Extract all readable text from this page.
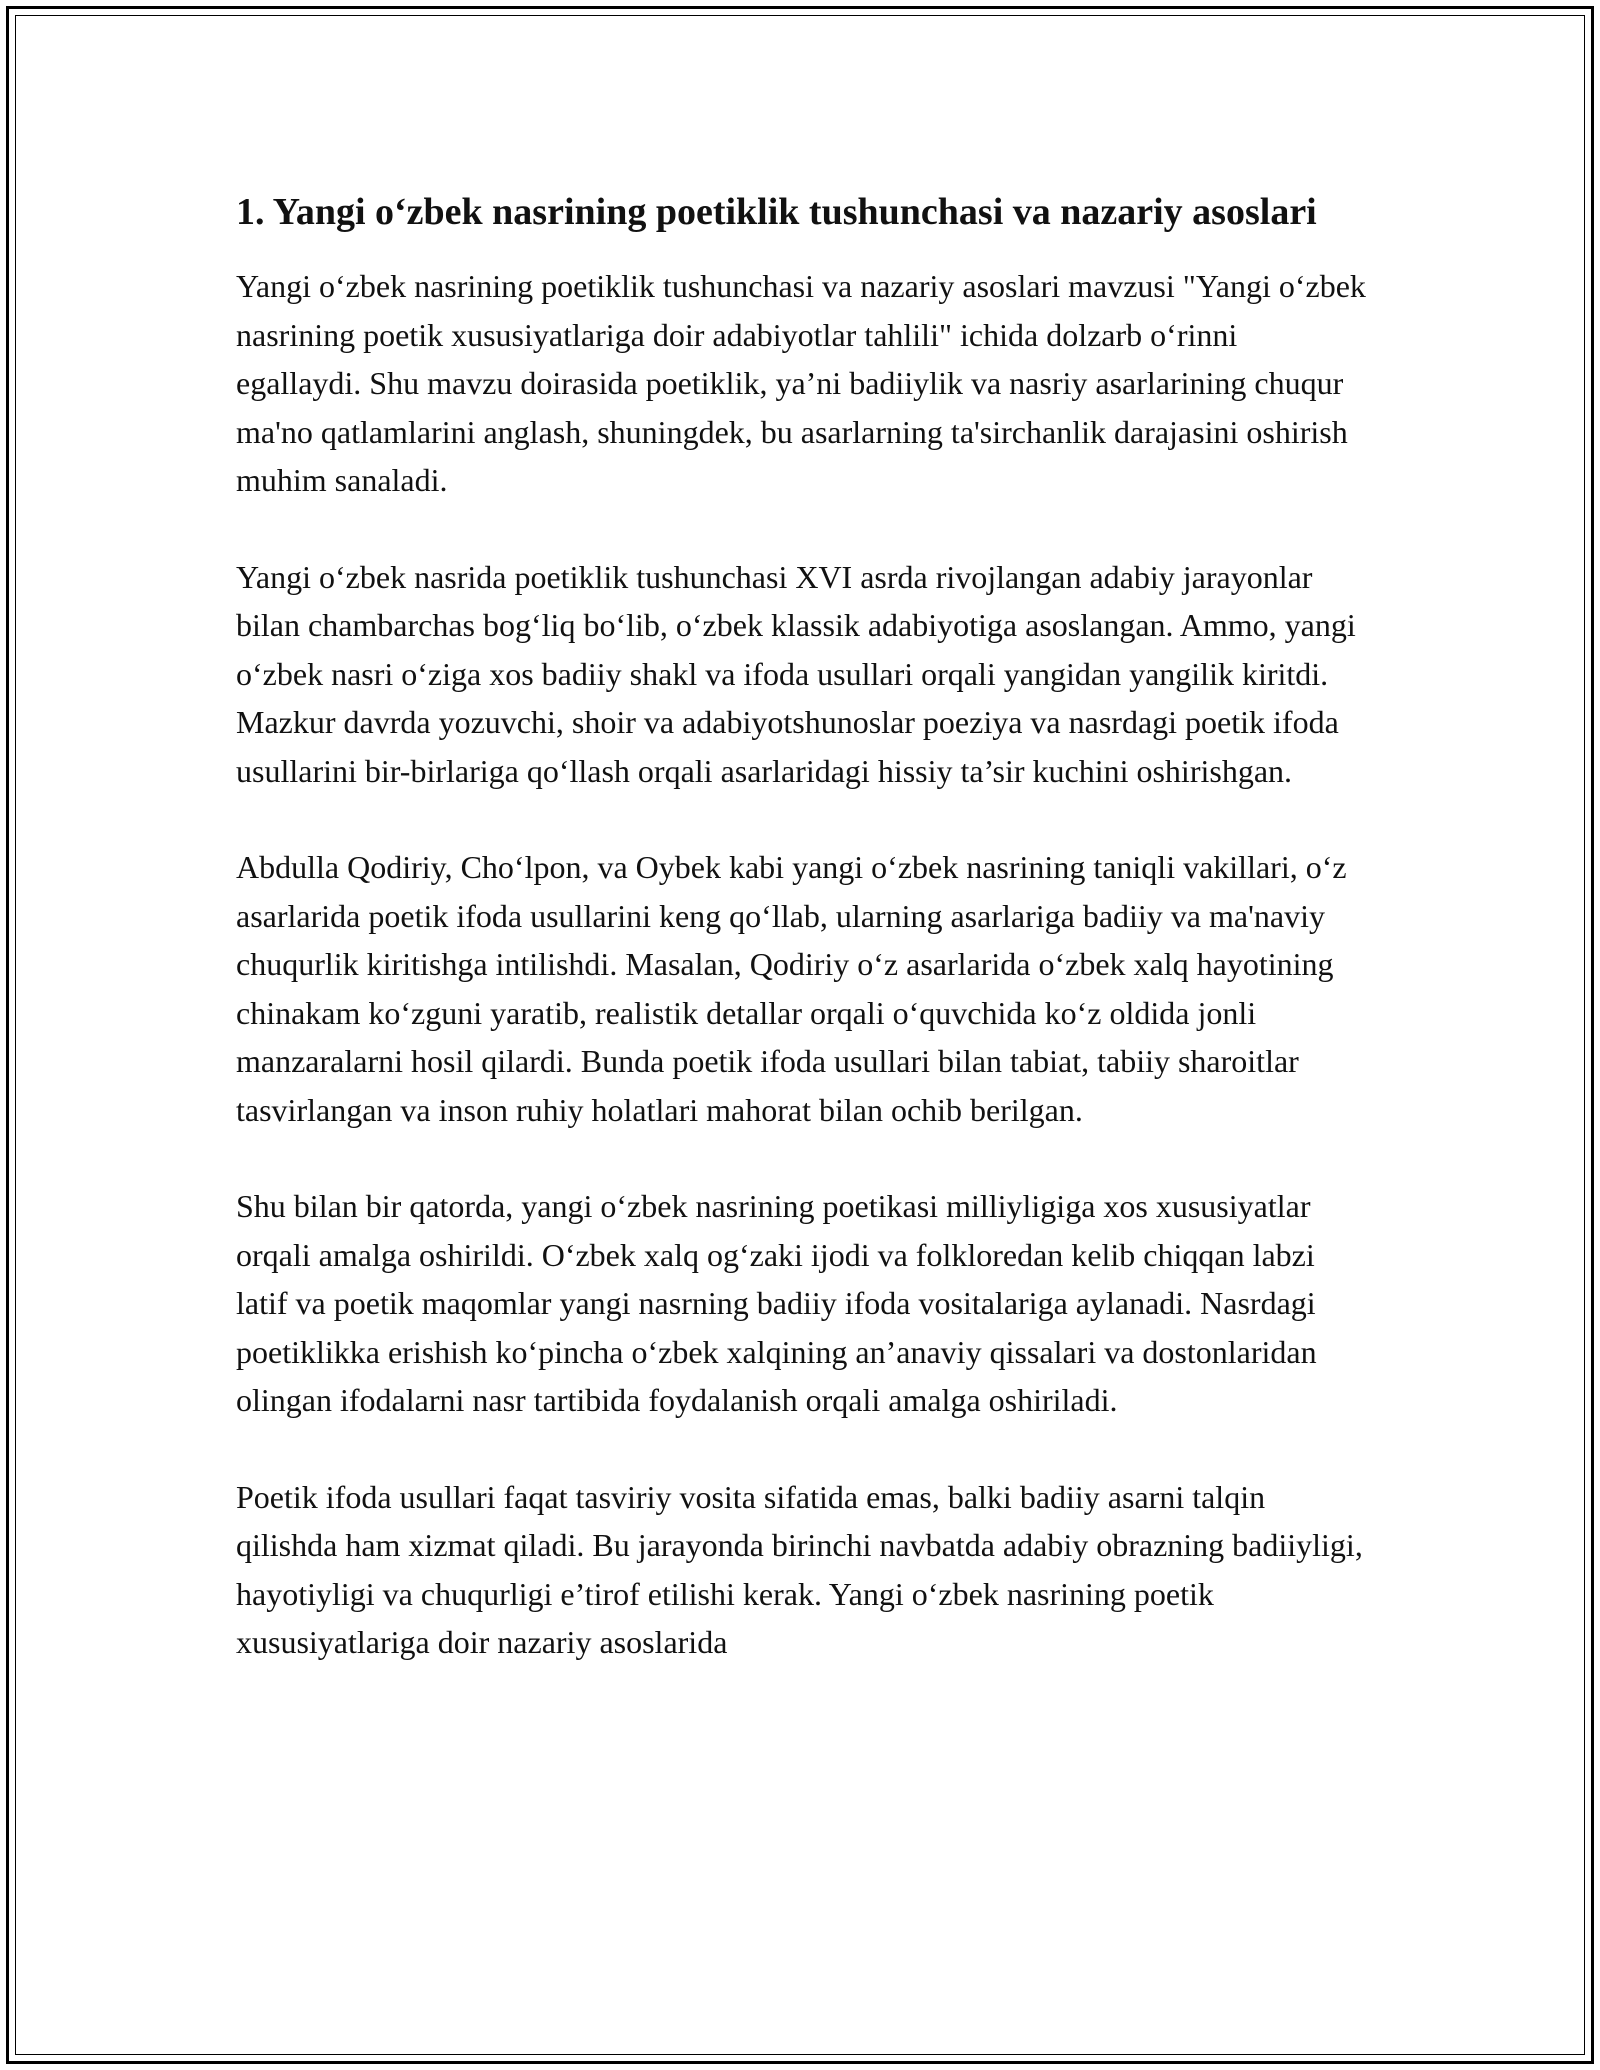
1. Yangi o‘zbek nasrining poetiklik tushunchasi va nazariy asoslari

Yangi o‘zbek nasrining poetiklik tushunchasi va nazariy asoslari mavzusi "Yangi o‘zbek nasrining poetik xususiyatlariga doir adabiyotlar tahlili" ichida dolzarb o‘rinni egallaydi. Shu mavzu doirasida poetiklik, ya’ni badiiylik va nasriy asarlarining chuqur ma'no qatlamlarini anglash, shuningdek, bu asarlarning ta'sirchanlik darajasini oshirish muhim sanaladi.

Yangi o‘zbek nasrida poetiklik tushunchasi XVI asrda rivojlangan adabiy jarayonlar bilan chambarchas bog‘liq bo‘lib, o‘zbek klassik adabiyotiga asoslangan. Ammo, yangi o‘zbek nasri o‘ziga xos badiiy shakl va ifoda usullari orqali yangidan yangilik kiritdi. Mazkur davrda yozuvchi, shoir va adabiyotshunoslar poeziya va nasrdagi poetik ifoda usullarini bir-birlariga qo‘llash orqali asarlaridagi hissiy ta’sir kuchini oshirishgan.

Abdulla Qodiriy, Cho‘lpon, va Oybek kabi yangi o‘zbek nasrining taniqli vakillari, o‘z asarlarida poetik ifoda usullarini keng qo‘llab, ularning asarlariga badiiy va ma'naviy chuqurlik kiritishga intilishdi. Masalan, Qodiriy o‘z asarlarida o‘zbek xalq hayotining chinakam ko‘zguni yaratib, realistik detallar orqali o‘quvchida ko‘z oldida jonli manzaralarni hosil qilardi. Bunda poetik ifoda usullari bilan tabiat, tabiiy sharoitlar tasvirlangan va inson ruhiy holatlari mahorat bilan ochib berilgan.

Shu bilan bir qatorda, yangi o‘zbek nasrining poetikasi milliyligiga xos xususiyatlar orqali amalga oshirildi. O‘zbek xalq og‘zaki ijodi va folkloredan kelib chiqqan labzi latif va poetik maqomlar yangi nasrning badiiy ifoda vositalariga aylanadi. Nasrdagi poetiklikka erishish ko‘pincha o‘zbek xalqining an’anaviy qissalari va dostonlaridan olingan ifodalarni nasr tartibida foydalanish orqali amalga oshiriladi.

Poetik ifoda usullari faqat tasviriy vosita sifatida emas, balki badiiy asarni talqin qilishda ham xizmat qiladi. Bu jarayonda birinchi navbatda adabiy obrazning badiiyligi, hayotiyligi va chuqurligi e’tirof etilishi kerak. Yangi o‘zbek nasrining poetik xususiyatlariga doir nazariy asoslarida
